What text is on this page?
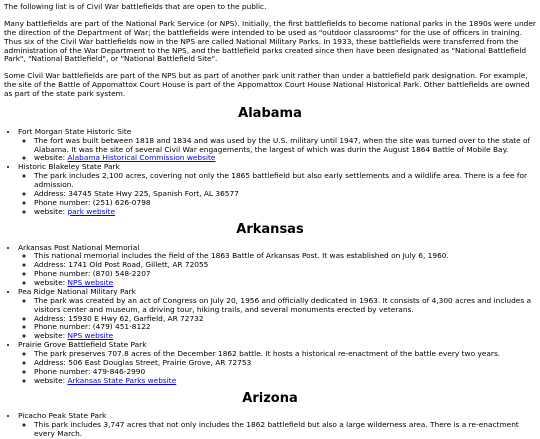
The following list is of Civil War battlefields that are open to the public.

Many battlefields are part of the National Park Service (or NPS). Initially, the first battlefields to become national parks in the 1890s were under the direction of the Department of War; the battlefields were intended to be used as "outdoor classrooms" for the use of officers in training. Thus six of the Civil War battlefields now in the NPS are called National Military Parks. In 1933, these battlefields were transferred from the administration of the War Department to the NPS, and the battlefield parks created since then have been designated as "National Battlefield Park", "National Battlefield", or "National Battlefield Site".

Some Civil War battlefields are part of the NPS but as part of another park unit rather than under a battlefield park designation. For example, the site of the Battle of Appomattox Court House is part of the Appomattox Court House National Historical Park. Other battlefields are owned as part of the state park system.

Alabama
• Fort Morgan State Historic Site
◦ The fort was built between 1818 and 1834 and was used by the U.S. military until 1947, when the site was turned over to the state of Alabama. It was the site of several Civil War engagements, the largest of which was durin the August 1864 Battle of Mobile Bay.
◦ website: Alabama Historical Commission website
• Historic Blakeley State Park
◦ The park includes 2,100 acres, covering not only the 1865 battlefield but also early settlements and a wildlife area. There is a fee for admission.
◦ Address: 34745 State Hwy 225, Spanish Fort, AL 36577
◦ Phone number: (251) 626-0798
◦ website: park website
Arkansas
• Arkansas Post National Memorial
◦ This national memorial includes the field of the 1863 Battle of Arkansas Post. It was established on July 6, 1960.
◦ Address: 1741 Old Post Road, Gillett, AR 72055
◦ Phone number: (870) 548-2207
◦ website: NPS website
• Pea Ridge National Military Park
◦ The park was created by an act of Congress on July 20, 1956 and officially dedicated in 1963. It consists of 4,300 acres and includes a visitors center and museum, a driving tour, hiking trails, and several monuments erected by veterans.
◦ Address: 15930 E Hwy 62, Garfield, AR 72732
◦ Phone number: (479) 451-8122
◦ website: NPS website
• Prairie Grove Battlefield State Park
◦ The park preserves 707.8 acres of the December 1862 battle. It hosts a historical re-enactment of the battle every two years.
◦ Address: 506 East Douglas Street, Prairie Grove, AR 72753
◦ Phone number: 479-846-2990
◦ website: Arkansas State Parks website
Arizona
• Picacho Peak State Park
◦ This park includes 3,747 acres that not only includes the 1862 battlefield but also a large wilderness area. There is a re-enactment every March.
